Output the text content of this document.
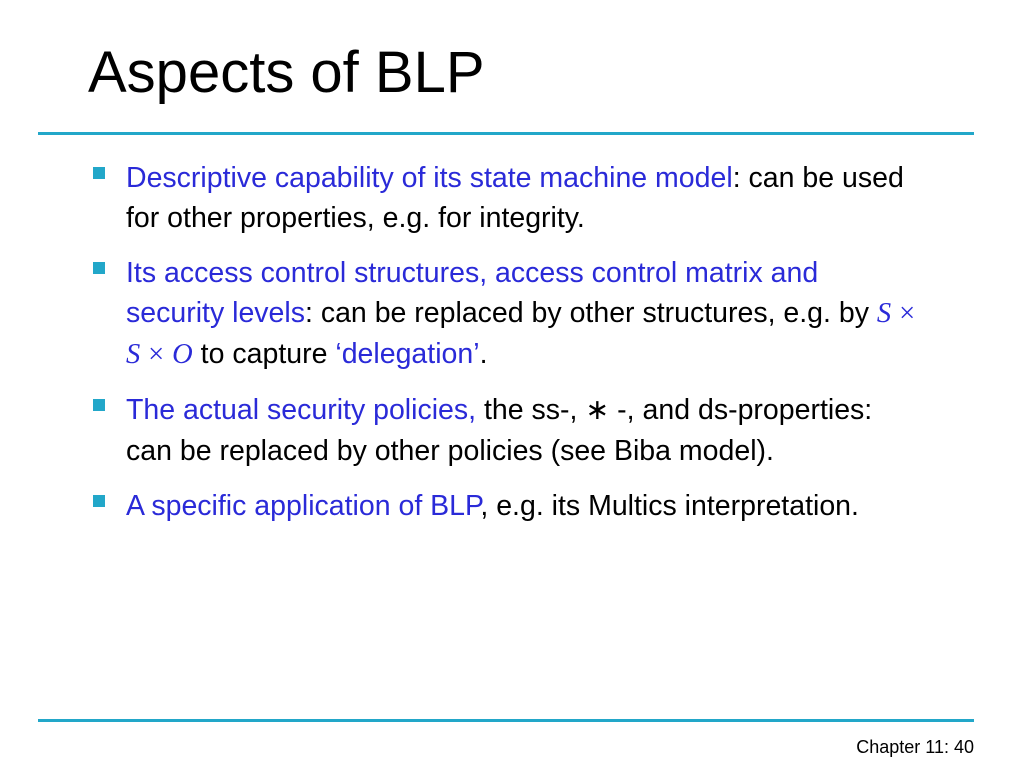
Aspects of BLP
Descriptive capability of its state machine model: can be used for other properties, e.g. for integrity.
Its access control structures, access control matrix and security levels: can be replaced by other structures, e.g. by S × S × O to capture ‘delegation’.
The actual security policies, the ss-, ∗ -, and ds-properties: can be replaced by other policies (see Biba model).
A specific application of BLP, e.g. its Multics interpretation.
Chapter 11: 40
